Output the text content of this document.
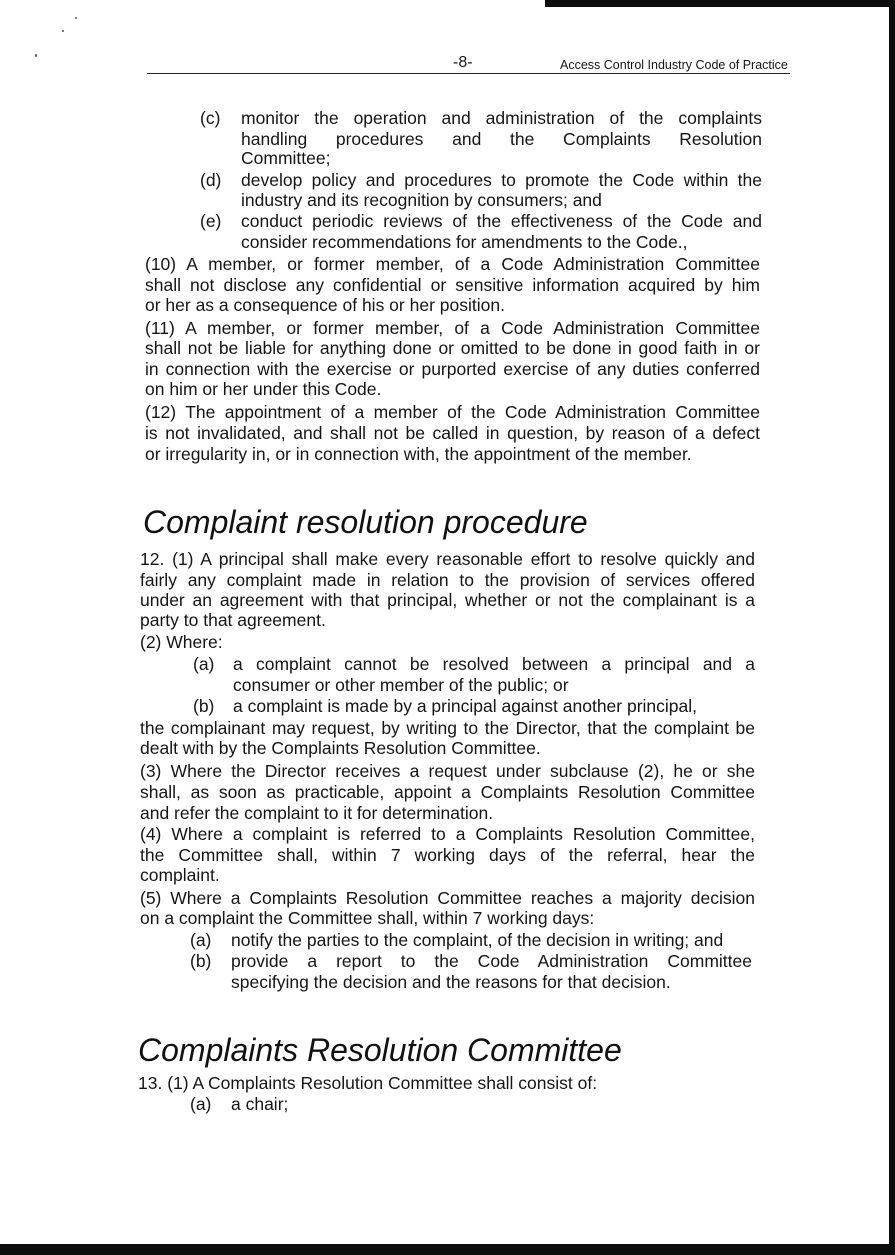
-8-	Access Control Industry Code of Practice
(c) monitor the operation and administration of the complaints
handling procedures and the Complaints Resolution
Committee;
(d) develop policy and procedures to promote the Code within the
industry and its recognition by consumers; and
(e) conduct periodic reviews of the effectiveness of the Code and
consider recommendations for amendments to the Code.,
(10) A member, or former member, of a Code Administration Committee
shall not disclose any confidential or sensitive information acquired by him
or her as a consequence of his or her position.
(11) A member, or former member, of a Code Administration Committee
shall not be liable for anything done or omitted to be done in good faith in or
in connection with the exercise or purported exercise of any duties conferred
on him or her under this Code.
(12) The appointment of a member of the Code Administration Committee
is not invalidated, and shall not be called in question, by reason of a defect
or irregularity in, or in connection with, the appointment of the member.
Complaint resolution procedure
12. (1) A principal shall make every reasonable effort to resolve quickly and
fairly any complaint made in relation to the provision of services offered
under an agreement with that principal, whether or not the complainant is a
party to that agreement.
(2) Where:
(a) a complaint cannot be resolved between a principal and a
consumer or other member of the public; or
(b) a complaint is made by a principal against another principal,
the complainant may request, by writing to the Director, that the complaint be
dealt with by the Complaints Resolution Committee.
(3) Where the Director receives a request under subclause (2), he or she
shall, as soon as practicable, appoint a Complaints Resolution Committee
and refer the complaint to it for determination.
(4) Where a complaint is referred to a Complaints Resolution Committee,
the Committee shall, within 7 working days of the referral, hear the
complaint.
(5) Where a Complaints Resolution Committee reaches a majority decision
on a complaint the Committee shall, within 7 working days:
(a) notify the parties to the complaint, of the decision in writing; and
(b) provide a report to the Code Administration Committee
specifying the decision and the reasons for that decision.
Complaints Resolution Committee
13. (1) A Complaints Resolution Committee shall consist of:
(a) a chair;
